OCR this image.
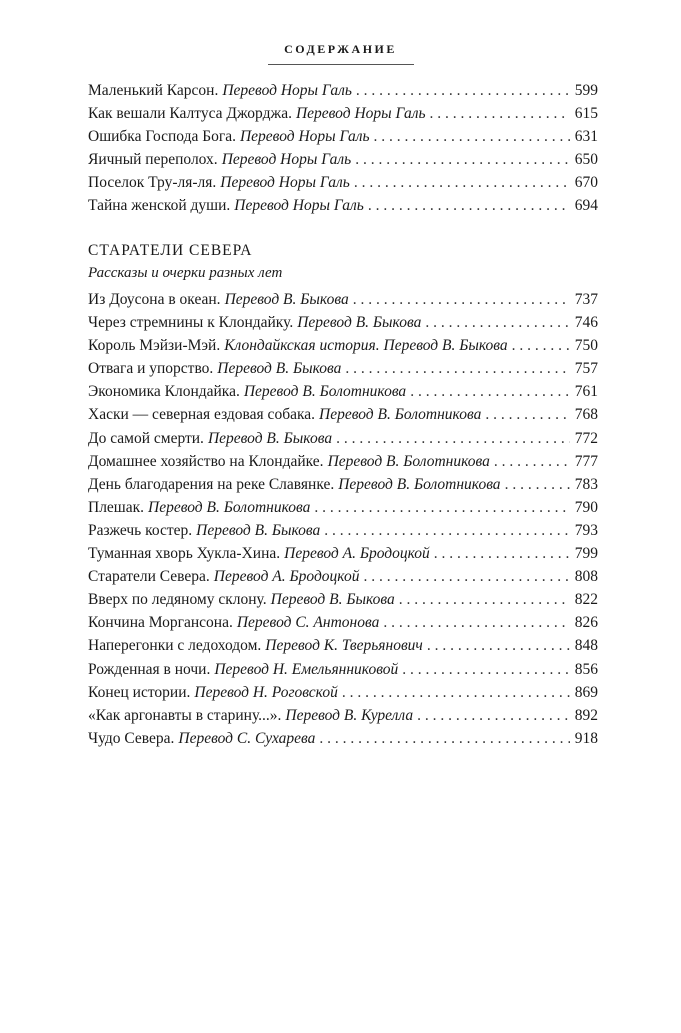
СОДЕРЖАНИЕ
Маленький Карсон. Перевод Норы Галь . . .	599
Как вешали Калтуса Джорджа. Перевод Норы Галь . . .	615
Ошибка Господа Бога. Перевод Норы Галь . . .	631
Яичный переполох. Перевод Норы Галь . . .	650
Поселок Тру-ля-ля. Перевод Норы Галь . . .	670
Тайна женской души. Перевод Норы Галь . . .	694
СТАРАТЕЛИ СЕВЕРА
Рассказы и очерки разных лет
Из Доусона в океан. Перевод В. Быкова . . .	737
Через стремнины к Клондайку. Перевод В. Быкова . . .	746
Король Мэйзи-Мэй. Клондайкская история. Перевод В. Быкова . . .	750
Отвага и упорство. Перевод В. Быкова . . .	757
Экономика Клондайка. Перевод В. Болотникова . . .	761
Хаски — северная ездовая собака. Перевод В. Болотникова . . .	768
До самой смерти. Перевод В. Быкова . . .	772
Домашнее хозяйство на Клондайке. Перевод В. Болотникова . . .	777
День благодарения на реке Славянке. Перевод В. Болотникова . . .	783
Плешак. Перевод В. Болотникова . . .	790
Разжечь костер. Перевод В. Быкова . . .	793
Туманная хворь Хукла-Хина. Перевод А. Бродоцкой . . .	799
Старатели Севера. Перевод А. Бродоцкой . . .	808
Вверх по ледяному склону. Перевод В. Быкова . . .	822
Кончина Моргансона. Перевод С. Антонова . . .	826
Наперегонки с ледоходом. Перевод К. Тверьянович . . .	848
Рожденная в ночи. Перевод Н. Емельянниковой . . .	856
Конец истории. Перевод Н. Роговской . . .	869
«Как аргонавты в старину...». Перевод В. Курелла . . .	892
Чудо Севера. Перевод С. Сухарева . . .	918
